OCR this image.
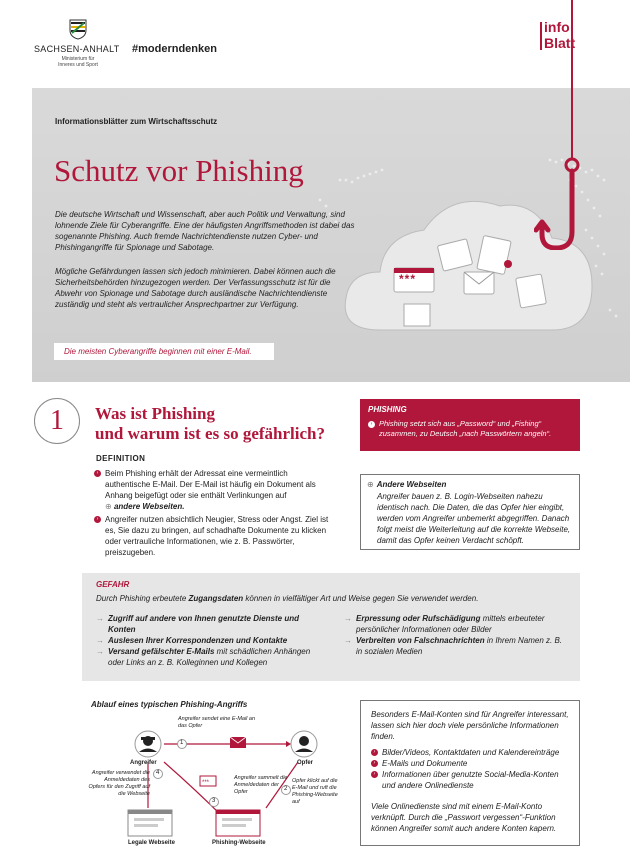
SACHSEN-ANHALT
Ministerium für
Inneres und Sport
#moderndenken
info
Blatt
***
Informationsblätter zum Wirtschaftsschutz
Schutz vor Phishing
Die deutsche Wirtschaft und Wissenschaft, aber auch Politik und Verwaltung, sind lohnende Ziele für Cyberangriffe. Eine der häufigsten Angriffsmethoden ist dabei das sogenannte Phishing. Auch fremde Nachrichtendienste nutzen Cyber- und Phishingangriffe für Spionage und Sabotage.
Mögliche Gefährdungen lassen sich jedoch minimieren. Dabei können auch die Sicherheitsbehörden hinzugezogen werden. Der Verfassungsschutz ist für die Abwehr von Spionage und Sabotage durch ausländische Nachrichtendienste zuständig und steht als vertraulicher Ansprechpartner zur Verfügung.
Die meisten Cyberangriffe beginnen mit einer E-Mail.
1	Was ist Phishing
und warum ist es so gefährlich?
DEFINITION
› Beim Phishing erhält der Adressat eine vermeintlich authentische E-Mail. Der E-Mail ist häufig ein Dokument als Anhang beigefügt oder sie enthält Verlinkungen auf
⊕ andere Webseiten.
› Angreifer nutzen absichtlich Neugier, Stress oder Angst. Ziel ist es, Sie dazu zu bringen, auf schadhafte Dokumente zu klicken oder vertrauliche Informationen, wie z. B. Passwörter, preiszugeben.
PHISHING
› Phishing setzt sich aus „Password“ und „Fishing“ zusammen, zu Deutsch „nach Passwörtern angeln“.
⊕ Andere Webseiten
Angreifer bauen z. B. Login-Webseiten nahezu identisch nach. Die Daten, die das Opfer hier eingibt, werden vom Angreifer unbemerkt abgegriffen. Danach folgt meist die Weiterleitung auf die korrekte Webseite, damit das Opfer keinen Verdacht schöpft.
GEFAHR
Durch Phishing erbeutete Zugangsdaten können in vielfältiger Art und Weise gegen Sie verwendet werden.
→ Zugriff auf andere von Ihnen genutzte Dienste und Konten
→ Auslesen Ihrer Korrespondenzen und Kontakte
→ Versand gefälschter E-Mails mit schädlichen Anhängen oder Links an z. B. Kolleginnen und Kollegen
→ Erpressung oder Rufschädigung mittels erbeuteter persönlicher Informationen oder Bilder
→ Verbreiten von Falschnachrichten in Ihrem Namen z. B. in sozialen Medien
Ablauf eines typischen Phishing-Angriffs
***
1
2
3
4
Angreifer sendet eine E-Mail an das Opfer
Opfer klickt auf die E-Mail und ruft die Phishing-Webseite auf
Angreifer sammelt die Anmeldedaten der Opfer
Angreifer verwendet die Anmeldedaten des Opfers für den Zugriff auf die Webseite
Angreifer	Opfer
Legale Webseite	Phishing-Webseite
Besonders E-Mail-Konten sind für Angreifer interessant, lassen sich hier doch viele persönliche Informationen finden.
› Bilder/Videos, Kontaktdaten und Kalendereinträge
› E-Mails und Dokumente
› Informationen über genutzte Social-Media-Konten und andere Onlinedienste
Viele Onlinedienste sind mit einem E-Mail-Konto verknüpft. Durch die „Passwort vergessen“-Funktion können Angreifer somit auch andere Konten kapern.
